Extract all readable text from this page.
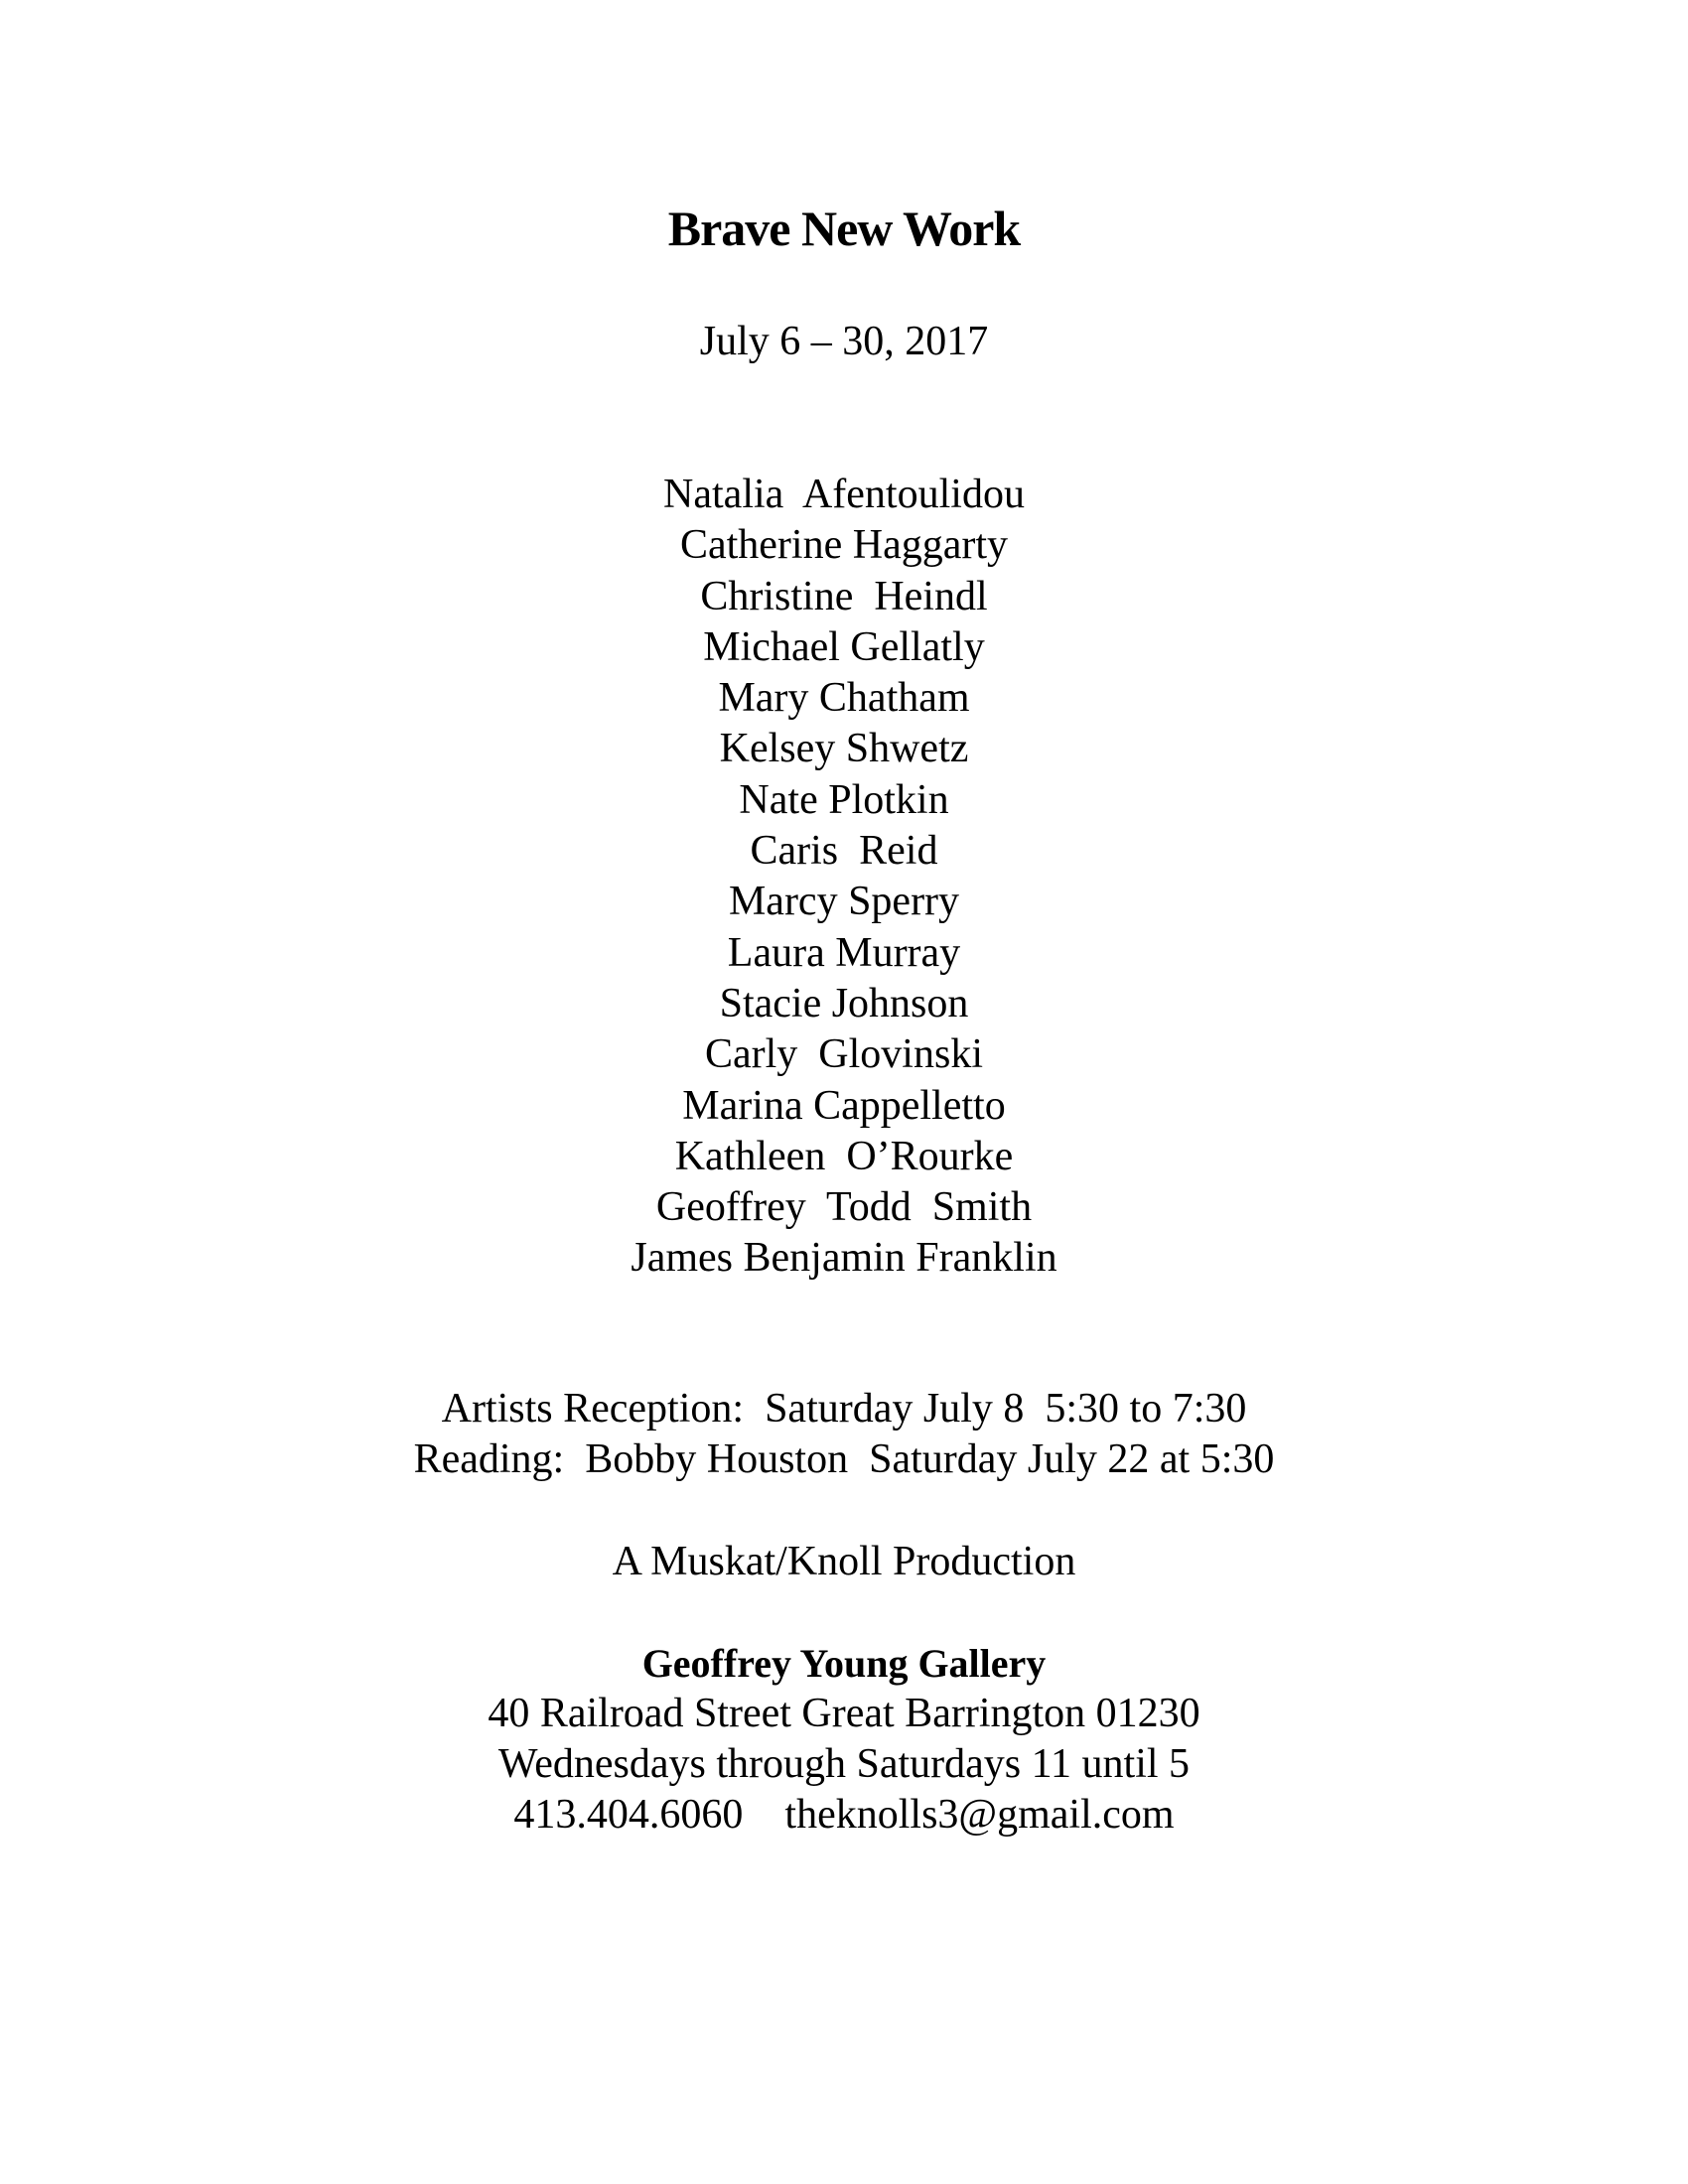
Brave New Work
July 6 – 30, 2017
Natalia  Afentoulidou
Catherine Haggarty
Christine  Heindl
Michael Gellatly
Mary Chatham
Kelsey Shwetz
Nate Plotkin
Caris  Reid
Marcy Sperry
Laura Murray
Stacie Johnson
Carly  Glovinski
Marina Cappelletto
Kathleen  O’Rourke
Geoffrey  Todd  Smith
James Benjamin Franklin
Artists Reception:  Saturday July 8  5:30 to 7:30
Reading:  Bobby Houston  Saturday July 22 at 5:30
A Muskat/Knoll Production
Geoffrey Young Gallery
40 Railroad Street Great Barrington 01230
Wednesdays through Saturdays 11 until 5
413.404.6060    theknolls3@gmail.com
